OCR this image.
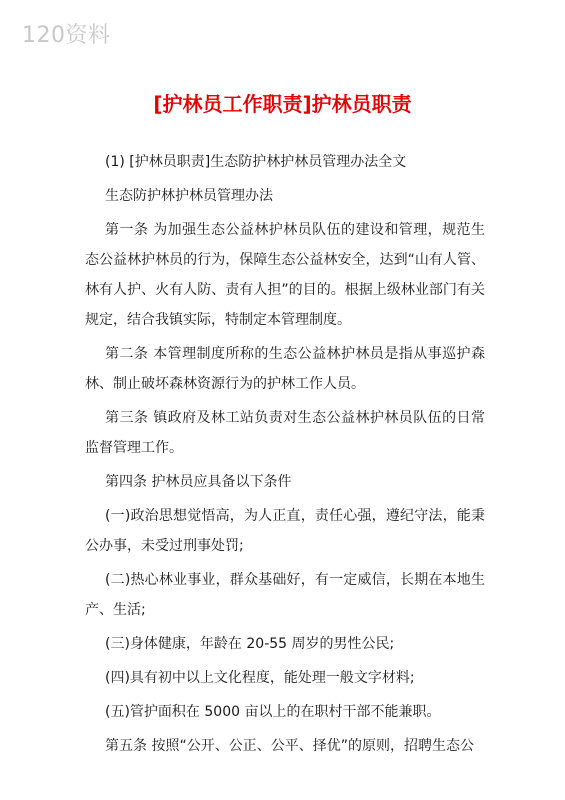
120资料
[护林员工作职责]护林员职责

(1) [护林员职责]生态防护林护林员管理办法全文

生态防护林护林员管理办法

第一条 为加强生态公益林护林员队伍的建设和管理，规范生态公益林护林员的行为，保障生态公益林安全，达到“山有人管、林有人护、火有人防、责有人担”的目的。根据上级林业部门有关规定，结合我镇实际，特制定本管理制度。

第二条 本管理制度所称的生态公益林护林员是指从事巡护森林、制止破坏森林资源行为的护林工作人员。

第三条 镇政府及林工站负责对生态公益林护林员队伍的日常监督管理工作。

第四条 护林员应具备以下条件

(一)政治思想觉悟高，为人正直，责任心强，遵纪守法，能秉公办事，未受过刑事处罚;

(二)热心林业事业，群众基础好，有一定威信，长期在本地生产、生活;

(三)身体健康，年龄在 20-55 周岁的男性公民;

(四)具有初中以上文化程度，能处理一般文字材料;

(五)管护面积在 5000 亩以上的在职村干部不能兼职。

第五条 按照“公开、公正、公平、择优”的原则，招聘生态公
